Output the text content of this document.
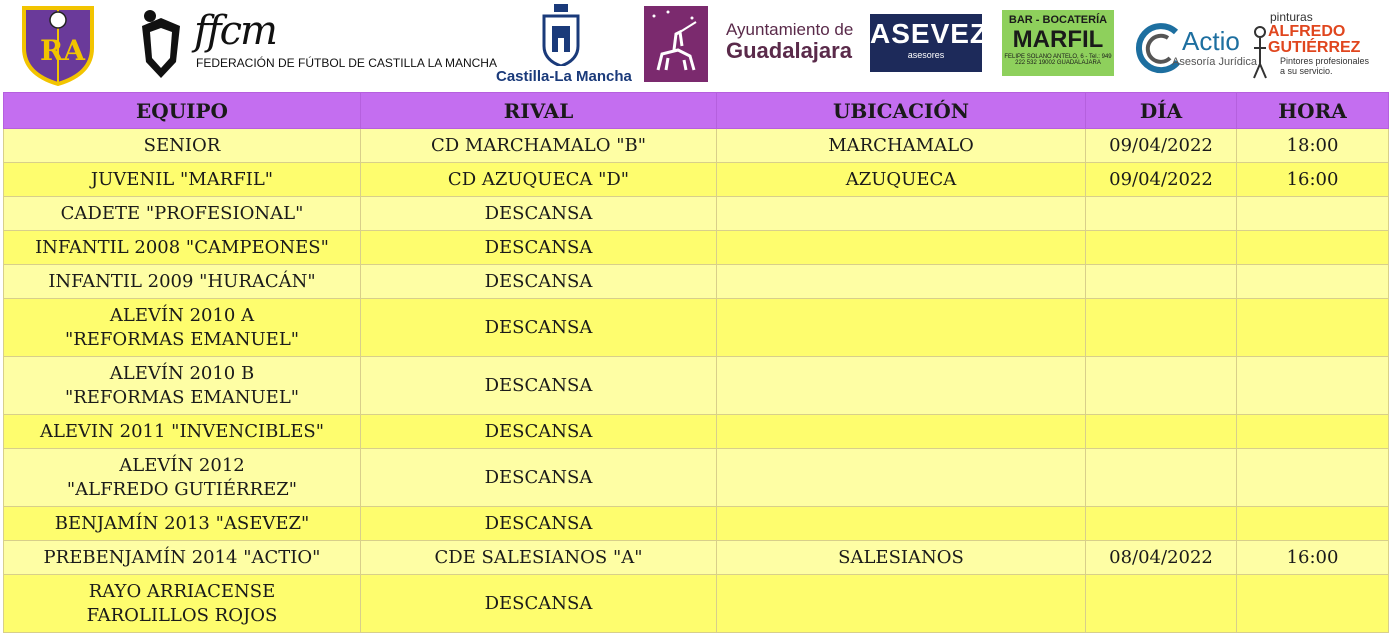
RA	ffcm
FEDERACIÓN DE FÚTBOL DE CASTILLA LA MANCHA
Castilla-La Mancha
Ayuntamiento de
Guadalajara
ASEVEZ
asesores
BAR - BOCATERÍA
MARFIL
FELIPE SOLANO ANTELO, 6 - Tel.: 949 222 532 19002 GUADALAJARA
Actio
Asesoría Jurídica
pinturas
ALFREDO
GUTIÉRREZ
Pintores profesionales
a su servicio.
EQUIPO	RIVAL	UBICACIÓN	DÍA	HORA

SENIOR	CD MARCHAMALO "B"	MARCHAMALO	09/04/2022	18:00

JUVENIL "MARFIL"	CD AZUQUECA "D"	AZUQUECA	09/04/2022	16:00

CADETE "PROFESIONAL"	DESCANSA			

INFANTIL 2008 "CAMPEONES"	DESCANSA			

INFANTIL 2009 "HURACÁN"	DESCANSA			

ALEVÍN 2010 A
"REFORMAS EMANUEL"	DESCANSA			

ALEVÍN 2010 B
"REFORMAS EMANUEL"	DESCANSA			

ALEVIN 2011 "INVENCIBLES"	DESCANSA			

ALEVÍN 2012
"ALFREDO GUTIÉRREZ"	DESCANSA			

BENJAMÍN 2013 "ASEVEZ"	DESCANSA			

PREBENJAMÍN 2014 "ACTIO"	CDE SALESIANOS "A"	SALESIANOS	08/04/2022	16:00

RAYO ARRIACENSE
FAROLILLOS ROJOS	DESCANSA			
